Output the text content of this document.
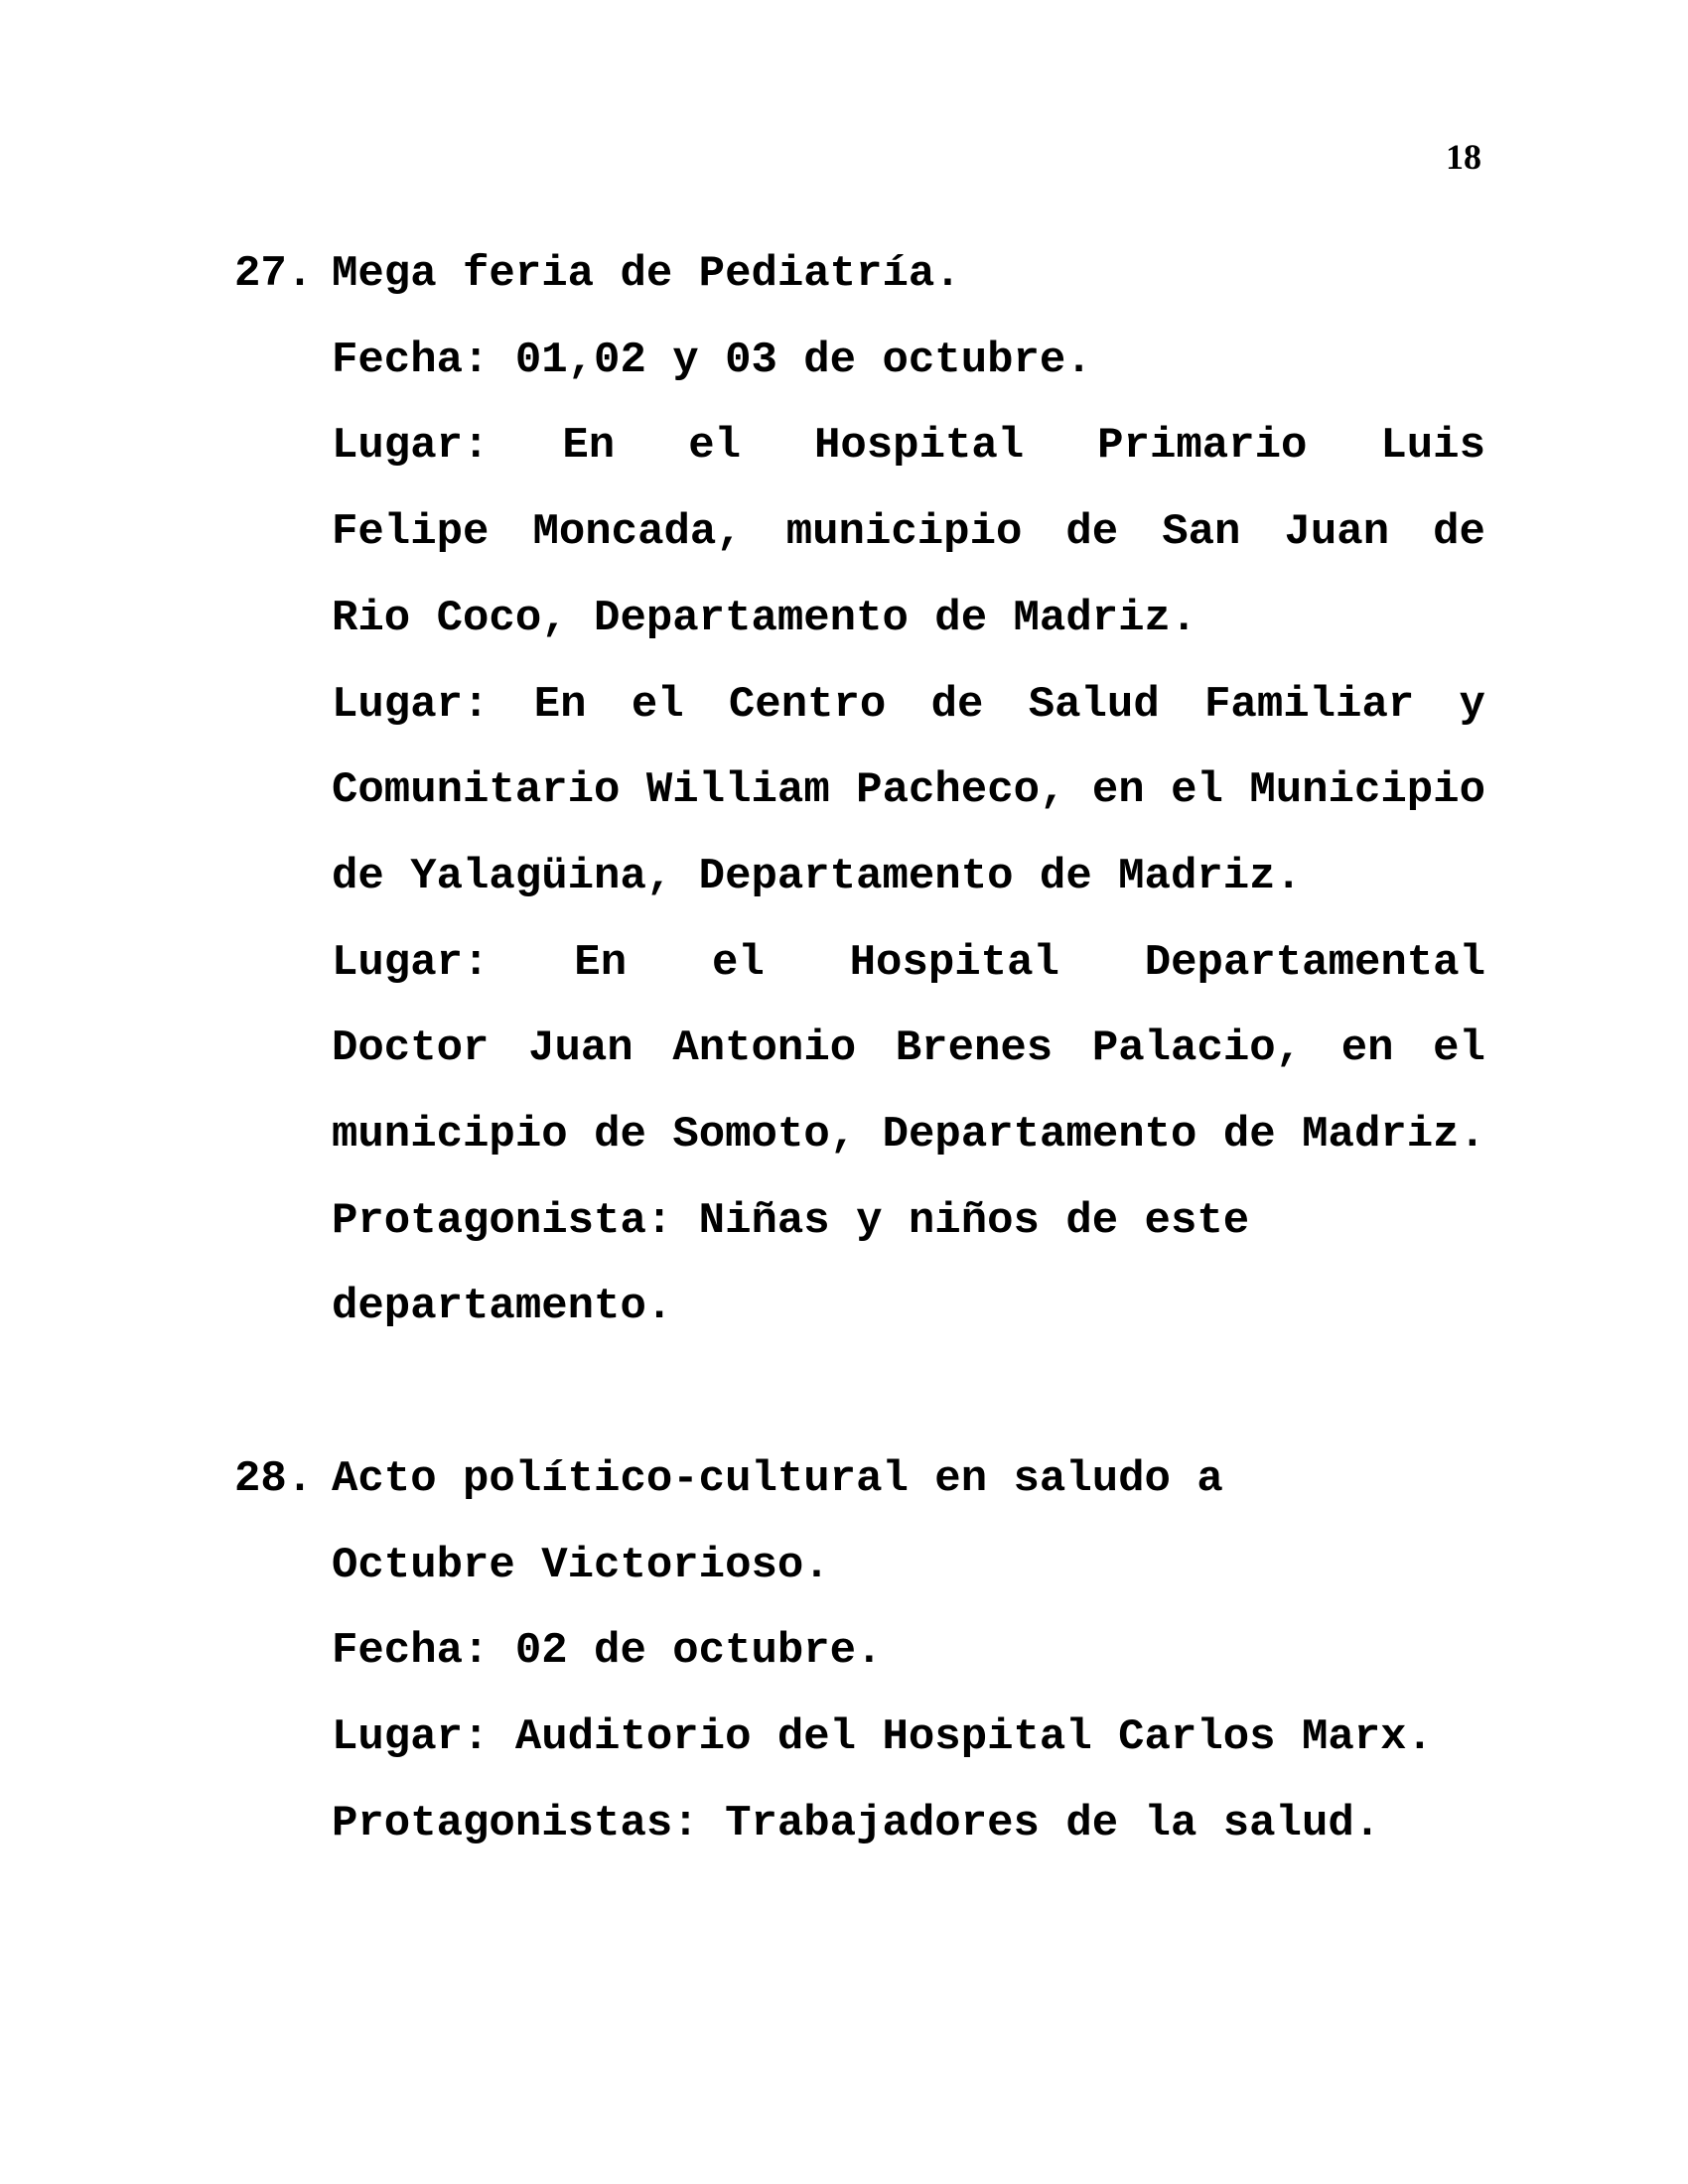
18
27. Mega feria de Pediatría.
Fecha: 01,02 y 03 de octubre.
Lugar: En el Hospital Primario Luis
Felipe Moncada, municipio de San Juan de
Rio Coco, Departamento de Madriz.
Lugar: En el Centro de Salud Familiar y
Comunitario William Pacheco, en el Municipio
de Yalagüina, Departamento de Madriz.
Lugar: En el Hospital Departamental
Doctor Juan Antonio Brenes Palacio, en el
municipio de Somoto, Departamento de Madriz.
Protagonista: Niñas y niños de este
departamento.
28. Acto político-cultural en saludo a
Octubre Victorioso.
Fecha: 02 de octubre.
Lugar: Auditorio del Hospital Carlos Marx.
Protagonistas: Trabajadores de la salud.
